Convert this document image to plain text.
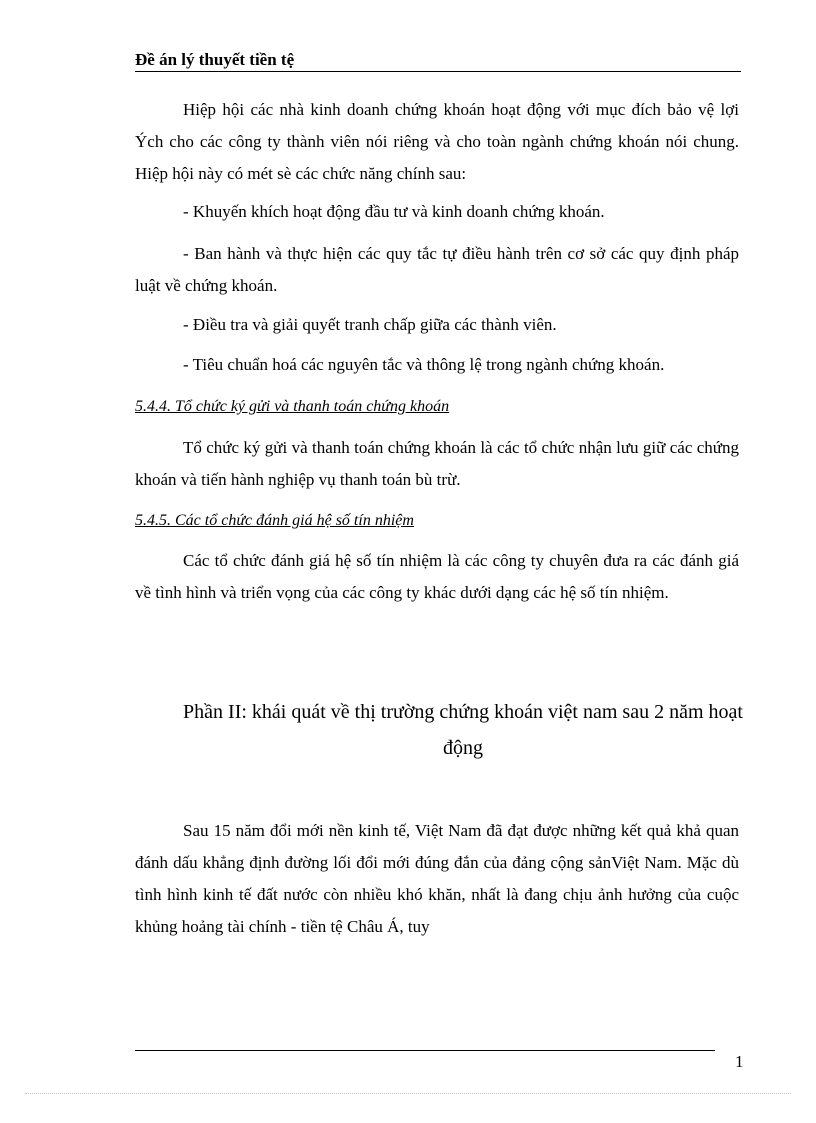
Đề án lý thuyết tiền tệ
Hiệp hội các nhà kinh doanh chứng khoán hoạt động với mục đích bảo vệ lợi Ých cho các công ty thành viên nói riêng và cho toàn ngành chứng khoán nói chung. Hiệp hội này có mét sè các chức năng chính sau:
- Khuyến khích hoạt động đầu tư và kinh doanh chứng khoán.
- Ban hành và thực hiện các quy tắc tự điều hành trên cơ sở các quy định pháp luật về chứng khoán.
- Điều tra và giải quyết tranh chấp giữa các thành viên.
- Tiêu chuẩn hoá các nguyên tắc và thông lệ trong ngành chứng khoán.
5.4.4. Tổ chức ký gửi và thanh toán chứng khoán
Tổ chức ký gửi và thanh toán chứng khoán là các tổ chức nhận lưu giữ các chứng khoán và tiến hành nghiệp vụ thanh toán bù trừ.
5.4.5. Các tổ chức đánh giá hệ số tín nhiệm
Các tổ chức đánh giá hệ số tín nhiệm là các công ty chuyên đưa ra các đánh giá về tình hình và triển vọng của các công ty khác dưới dạng các hệ số tín nhiệm.
Phần II: khái quát về thị trường chứng khoán việt nam sau 2 năm hoạt động
Sau 15 năm đổi mới nền kinh tế, Việt Nam đã đạt được những kết quả khả quan đánh dấu khẳng định đường lối đổi mới đúng đắn của đảng cộng sảnViệt Nam. Mặc dù tình hình kinh tế đất nước còn nhiều khó khăn, nhất là đang chịu ảnh hưởng của cuộc khủng hoảng tài chính - tiền tệ Châu Á, tuy
1
